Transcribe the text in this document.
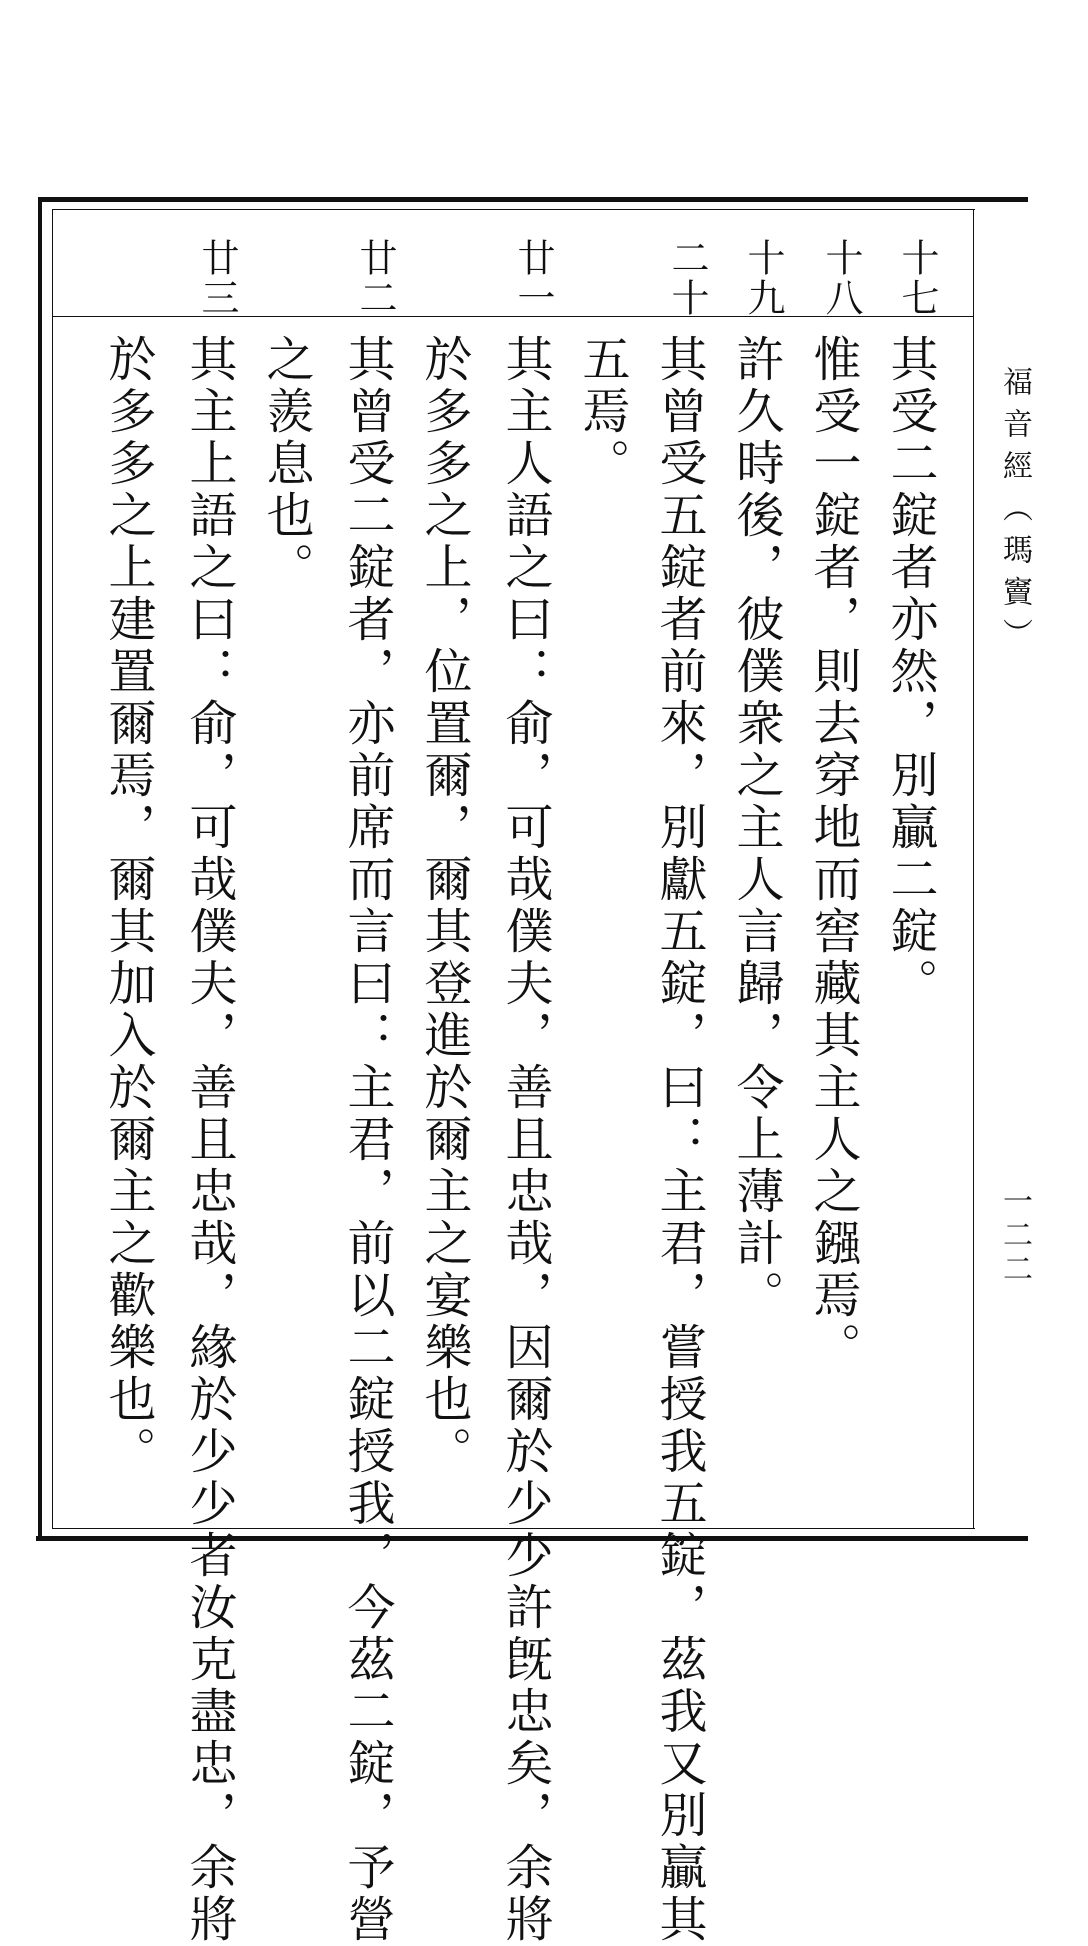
十七
十八
十九
二十
廿一
廿二
廿三
其受二錠者亦然，別贏二錠。
惟受一錠者，則去穿地而窖藏其主人之鏹焉。
許久時後，彼僕衆之主人言歸，令上薄計。
其曾受五錠者前來，別獻五錠，曰：主君，嘗授我五錠，茲我又別贏其
五焉。
其主人語之曰：俞，可哉僕夫，善且忠哉，因爾於少少許旣忠矣，余將
於多多之上，位置爾，爾其登進於爾主之宴樂也。
其曾受二錠者，亦前席而言曰：主君，前以二錠授我，今茲二錠，予營
之羨息也。
其主上語之曰：俞，可哉僕夫，善且忠哉，緣於少少者汝克盡忠，余將
於多多之上建置爾焉，爾其加入於爾主之歡樂也。	福音經（瑪竇）
一二二
